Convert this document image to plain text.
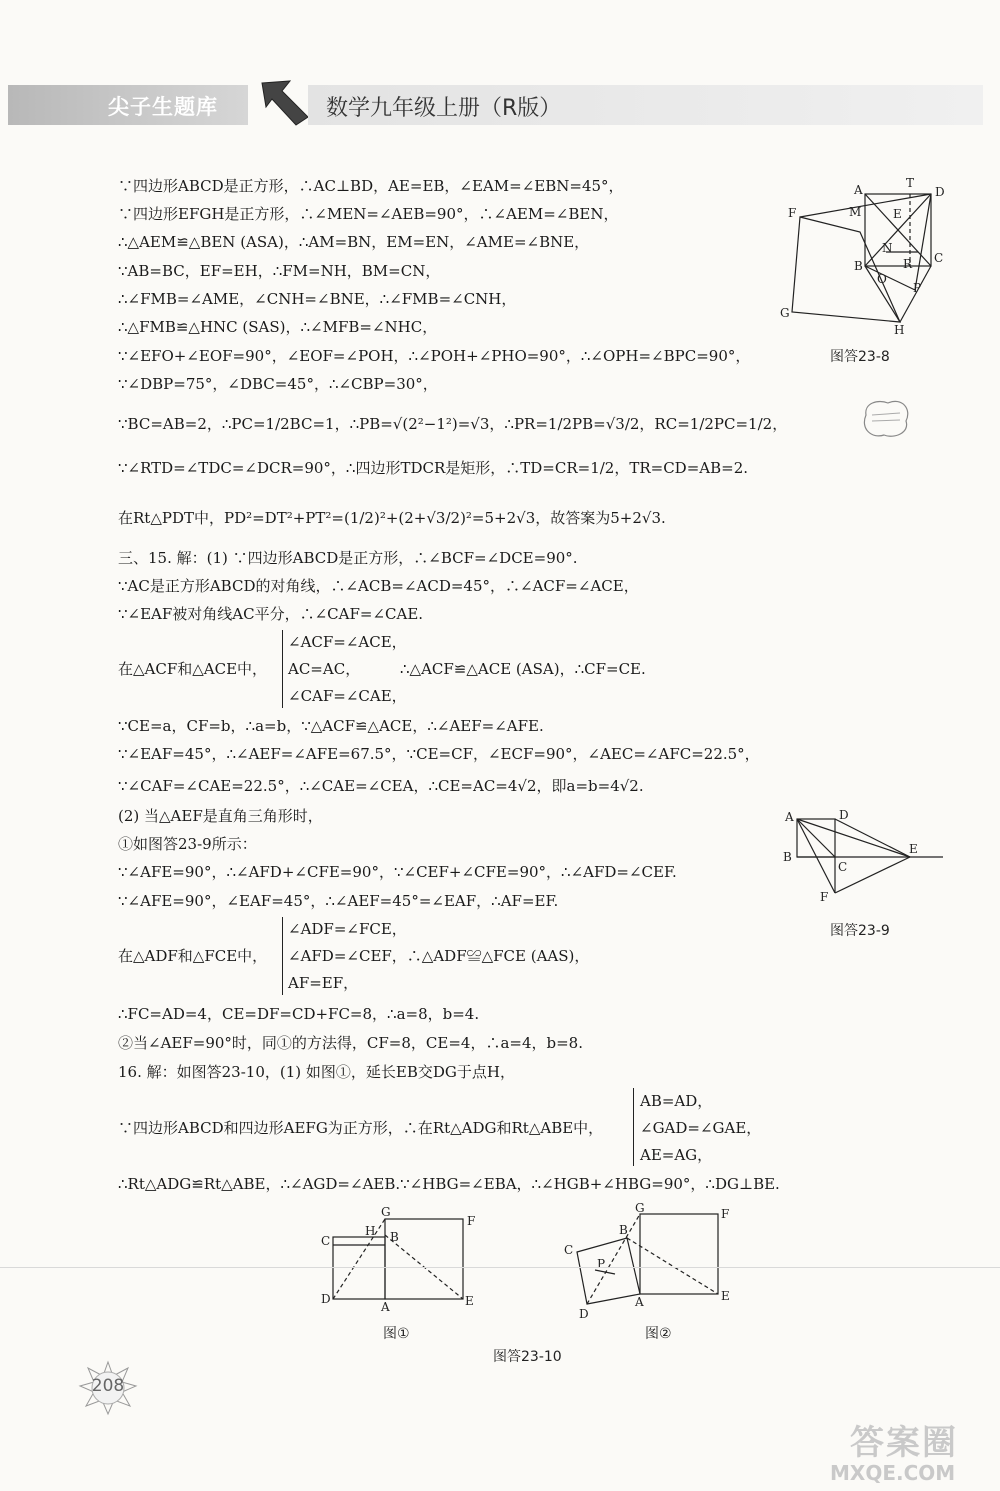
尖子生题库	数学九年级上册（R版）
∵四边形ABCD是正方形，∴AC⊥BD，AE=EB，∠EAM=∠EBN=45°，
∵四边形EFGH是正方形，∴∠MEN=∠AEB=90°，∴∠AEM=∠BEN，
∴△AEM≌△BEN (ASA)，∴AM=BN，EM=EN，∠AME=∠BNE，
∵AB=BC，EF=EH，∴FM=NH，BM=CN，
∴∠FMB=∠AME，∠CNH=∠BNE，∴∠FMB=∠CNH，
∴△FMB≌△HNC (SAS)，∴∠MFB=∠NHC，
∵∠EFO+∠EOF=90°，∠EOF=∠POH，∴∠POH+∠PHO=90°，∴∠OPH=∠BPC=90°，
∵∠DBP=75°，∠DBC=45°，∴∠CBP=30°，
∵BC=AB=2，∴PC=1/2BC=1，∴PB=√(2²−1²)=√3，∴PR=1/2PB=√3/2，RC=1/2PC=1/2，
∵∠RTD=∠TDC=∠DCR=90°，∴四边形TDCR是矩形，∴TD=CR=1/2，TR=CD=AB=2.
在Rt△PDT中，PD²=DT²+PT²=(1/2)²+(2+√3/2)²=5+2√3，故答案为5+2√3.
三、15. 解：(1) ∵四边形ABCD是正方形，∴∠BCF=∠DCE=90°.
∵AC是正方形ABCD的对角线，∴∠ACB=∠ACD=45°，∴∠ACF=∠ACE，
∵∠EAF被对角线AC平分，∴∠CAF=∠CAE.
在△ACF和△ACE中，
∠ACF=∠ACE，
AC=AC，	∴△ACF≌△ACE (ASA)，∴CF=CE.
∠CAF=∠CAE，
∵CE=a，CF=b，∴a=b，∵△ACF≌△ACE，∴∠AEF=∠AFE.
∵∠EAF=45°，∴∠AEF=∠AFE=67.5°，∵CE=CF，∠ECF=90°，∠AEC=∠AFC=22.5°，
∵∠CAF=∠CAE=22.5°，∴∠CAE=∠CEA，∴CE=AC=4√2，即a=b=4√2.
(2) 当△AEF是直角三角形时，
①如图答23-9所示：
∵∠AFE=90°，∴∠AFD+∠CFE=90°，∵∠CEF+∠CFE=90°，∴∠AFD=∠CEF.
∵∠AFE=90°，∠EAF=45°，∴∠AEF=45°=∠EAF，∴AF=EF.
在△ADF和△FCE中，
∠ADF=∠FCE，
∠AFD=∠CEF，∴△ADF≌△FCE (AAS)，
AF=EF，
∴FC=AD=4，CE=DF=CD+FC=8，∴a=8，b=4.
②当∠AEF=90°时，同①的方法得，CF=8，CE=4，∴a=4，b=8.
16. 解：如图答23-10，(1) 如图①，延长EB交DG于点H，
∵四边形ABCD和四边形AEFG为正方形，∴在Rt△ADG和Rt△ABE中，
AB=AD，
∠GAD=∠GAE，
AE=AG，
∴Rt△ADG≌Rt△ABE，∴∠AGD=∠AEB.∵∠HBG=∠EBA，∴∠HGB+∠HBG=90°，∴DG⊥BE.
A	T
D
M	E
F
N
B	R C
O
P
G
H
图答23-8
A	D
B
C
E
F
图答23-9
G
F
H B
C
D
A	E
图①
G	F
B
C
P
D
A	E
图②
图答23-10
208
答案圈
MXQE.COM
